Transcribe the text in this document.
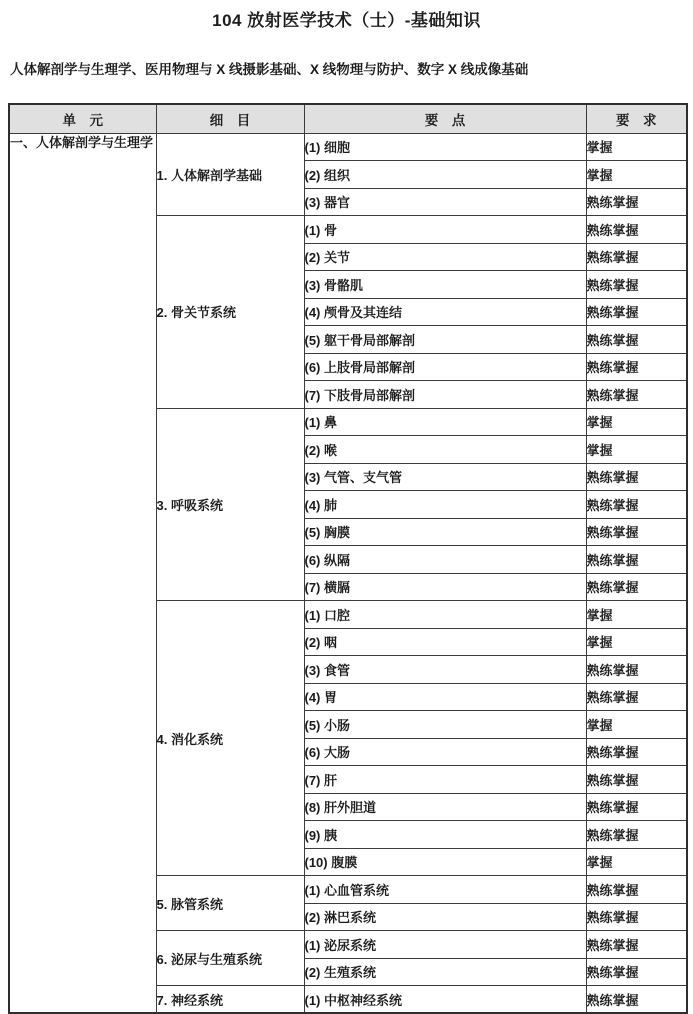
104 放射医学技术（士）-基础知识
人体解剖学与生理学、医用物理与 X 线摄影基础、X 线物理与防护、数字 X 线成像基础
单　元	细　目	要　点	要　求
一、人体解剖学与生理学	1. 人体解剖学基础	(1) 细胞	掌握
		(2) 组织	掌握
		(3) 器官	熟练掌握
	2. 骨关节系统	(1) 骨	熟练掌握
		(2) 关节	熟练掌握
		(3) 骨骼肌	熟练掌握
		(4) 颅骨及其连结	熟练掌握
		(5) 躯干骨局部解剖	熟练掌握
		(6) 上肢骨局部解剖	熟练掌握
		(7) 下肢骨局部解剖	熟练掌握
	3. 呼吸系统	(1) 鼻	掌握
		(2) 喉	掌握
		(3) 气管、支气管	熟练掌握
		(4) 肺	熟练掌握
		(5) 胸膜	熟练掌握
		(6) 纵隔	熟练掌握
		(7) 横膈	熟练掌握
	4. 消化系统	(1) 口腔	掌握
		(2) 咽	掌握
		(3) 食管	熟练掌握
		(4) 胃	熟练掌握
		(5) 小肠	掌握
		(6) 大肠	熟练掌握
		(7) 肝	熟练掌握
		(8) 肝外胆道	熟练掌握
		(9) 胰	熟练掌握
		(10) 腹膜	掌握
	5. 脉管系统	(1) 心血管系统	熟练掌握
		(2) 淋巴系统	熟练掌握
	6. 泌尿与生殖系统	(1) 泌尿系统	熟练掌握
		(2) 生殖系统	熟练掌握
	7. 神经系统	(1) 中枢神经系统	熟练掌握
